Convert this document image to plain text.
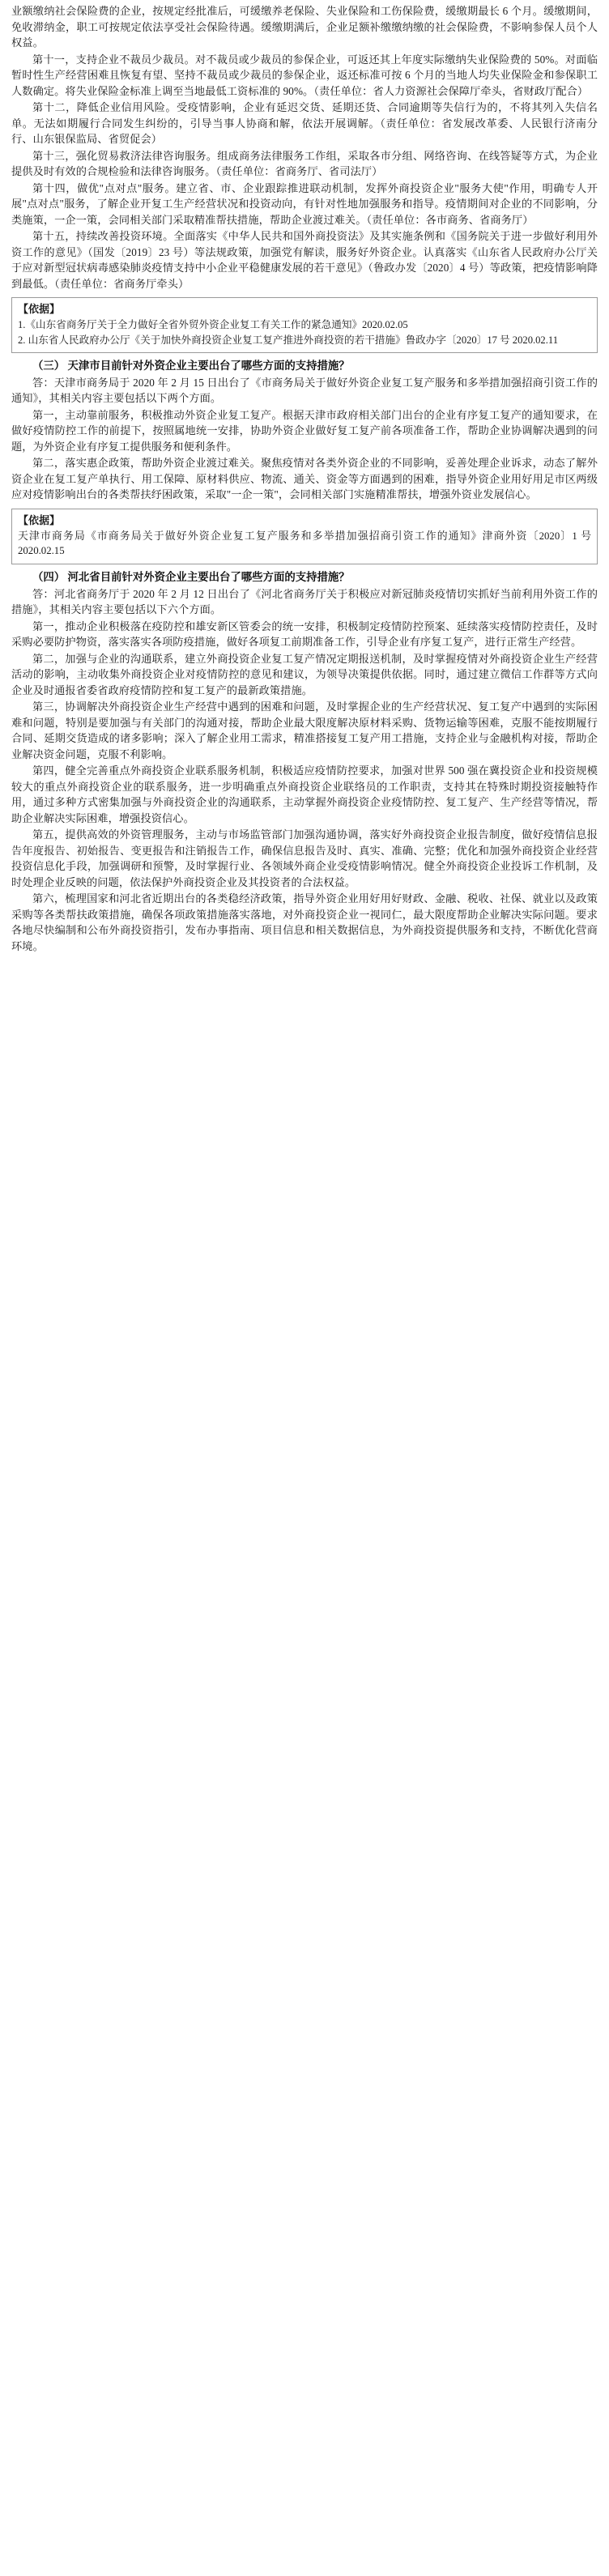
业额缴纳社会保险费的企业，按规定经批准后，可缓缴养老保险、失业保险和工伤保险费，缓缴期最长 6 个月。缓缴期间，免收滞纳金，职工可按规定依法享受社会保险待遇。缓缴期满后，企业足额补缴缴纳缴的社会保险费，不影响参保人员个人权益。

第十一，支持企业不裁员少裁员。对不裁员或少裁员的参保企业，可返还其上年度实际缴纳失业保险费的 50%。对面临暂时性生产经营困难且恢复有望、坚持不裁员或少裁员的参保企业，返还标准可按 6 个月的当地人均失业保险金和参保职工人数确定。将失业保险金标准上调至当地最低工资标准的 90%。（责任单位：省人力资源社会保障厅牵头，省财政厅配合）

第十二，降低企业信用风险。受疫情影响，企业有延迟交货、延期还货、合同逾期等失信行为的，不将其列入失信名单。无法如期履行合同发生纠纷的，引导当事人协商和解，依法开展调解。（责任单位：省发展改革委、人民银行济南分行、山东银保监局、省贸促会）

第十三，强化贸易救济法律咨询服务。组成商务法律服务工作组，采取各市分组、网络咨询、在线答疑等方式，为企业提供及时有效的合规检验和法律咨询服务。（责任单位：省商务厅、省司法厅）

第十四，做优"点对点"服务。建立省、市、企业跟踪推进联动机制，发挥外商投资企业"服务大使"作用，明确专人开展"点对点"服务，了解企业开复工生产经营状况和投资动向，有针对性地加强服务和指导。疫情期间对企业的不同影响，分类施策，一企一策，会同相关部门采取精准帮扶措施，帮助企业渡过难关。（责任单位：各市商务、省商务厅）

第十五，持续改善投资环境。全面落实《中华人民共和国外商投资法》及其实施条例和《国务院关于进一步做好利用外资工作的意见》（国发〔2019〕23 号）等法规政策，加强党有解读，服务好外资企业。认真落实《山东省人民政府办公厅关于应对新型冠状病毒感染肺炎疫情支持中小企业平稳健康发展的若干意见》（鲁政办发〔2020〕4 号）等政策，把疫情影响降到最低。（责任单位：省商务厅牵头）

【依据】

1.《山东省商务厅关于全力做好全省外贸外资企业复工有关工作的紧急通知》2020.02.05

2. 山东省人民政府办公厅《关于加快外商投资企业复工复产推进外商投资的若干措施》鲁政办字〔2020〕17 号 2020.02.11

（三） 天津市目前针对外资企业主要出台了哪些方面的支持措施？

答：天津市商务局于 2020 年 2 月 15 日出台了《市商务局关于做好外资企业复工复产服务和多举措加强招商引资工作的通知》，其相关内容主要包括以下两个方面。

第一，主动靠前服务，积极推动外资企业复工复产。根据天津市政府相关部门出台的企业有序复工复产的通知要求，在做好疫情防控工作的前提下，按照属地统一安排，协助外资企业做好复工复产前各项准备工作，帮助企业协调解决遇到的问题，为外资企业有序复工提供服务和便利条件。

第二，落实惠企政策，帮助外资企业渡过难关。聚焦疫情对各类外资企业的不同影响，妥善处理企业诉求，动态了解外资企业在复工复产单执行、用工保障、原材料供应、物流、通关、资金等方面遇到的困难，指导外资企业用好用足市区两级应对疫情影响出台的各类帮扶纾困政策，采取"一企一策"，会同相关部门实施精准帮扶，增强外资业发展信心。

【依据】

天津市商务局《市商务局关于做好外资企业复工复产服务和多举措加强招商引资工作的通知》津商外资〔2020〕1 号 2020.02.15

（四） 河北省目前针对外资企业主要出台了哪些方面的支持措施？

答：河北省商务厅于 2020 年 2 月 12 日出台了《河北省商务厅关于积极应对新冠肺炎疫情切实抓好当前利用外资工作的措施》，其相关内容主要包括以下六个方面。

第一，推动企业积极落在疫防控和雄安新区管委会的统一安排，积极制定疫情防控预案、延续落实疫情防控责任，及时采购必要防护物资，落实落实各项防疫措施，做好各项复工前期准备工作，引导企业有序复工复产，进行正常生产经营。

第二，加强与企业的沟通联系，建立外商投资企业复工复产情况定期报送机制，及时掌握疫情对外商投资企业生产经营活动的影响，主动收集外商投资企业对疫情防控的意见和建议，为领导决策提供依据。同时，通过建立微信工作群等方式向企业及时通报省委省政府疫情防控和复工复产的最新政策措施。

第三，协调解决外商投资企业生产经营中遇到的困难和问题，及时掌握企业的生产经营状况、复工复产中遇到的实际困难和问题，特别是要加强与有关部门的沟通对接，帮助企业最大限度解决原材料采购、货物运输等困难，克服不能按期履行合同、延期交货造成的诸多影响；深入了解企业用工需求，精准搭接复工复产用工措施，支持企业与金融机构对接，帮助企业解决资金问题，克服不利影响。

第四，健全完善重点外商投资企业联系服务机制，积极适应疫情防控要求，加强对世界 500 强在冀投资企业和投资规模较大的重点外商投资企业的联系服务，进一步明确重点外商投资企业联络员的工作职责，支持其在特殊时期投资接触特作用，通过多种方式密集加强与外商投资企业的沟通联系，主动掌握外商投资企业疫情防控、复工复产、生产经营等情况，帮助企业解决实际困难，增强投资信心。

第五，提供高效的外资管理服务，主动与市场监管部门加强沟通协调，落实好外商投资企业报告制度，做好疫情信息报告年度报告、初始报告、变更报告和注销报告工作，确保信息报告及时、真实、准确、完整；优化和加强外商投资企业经营投资信息化手段，加强调研和预警，及时掌握行业、各领域外商企业受疫情影响情况。健全外商投资企业投诉工作机制，及时处理企业反映的问题，依法保护外商投资企业及其投资者的合法权益。

第六，梳理国家和河北省近期出台的各类稳经济政策，指导外资企业用好用好财政、金融、税收、社保、就业以及政策采购等各类帮扶政策措施，确保各项政策措施落实落地，对外商投资企业一视同仁，最大限度帮助企业解决实际问题。要求各地尽快编制和公布外商投资指引，发布办事指南、项目信息和相关数据信息，为外商投资提供服务和支持，不断优化营商环境。
